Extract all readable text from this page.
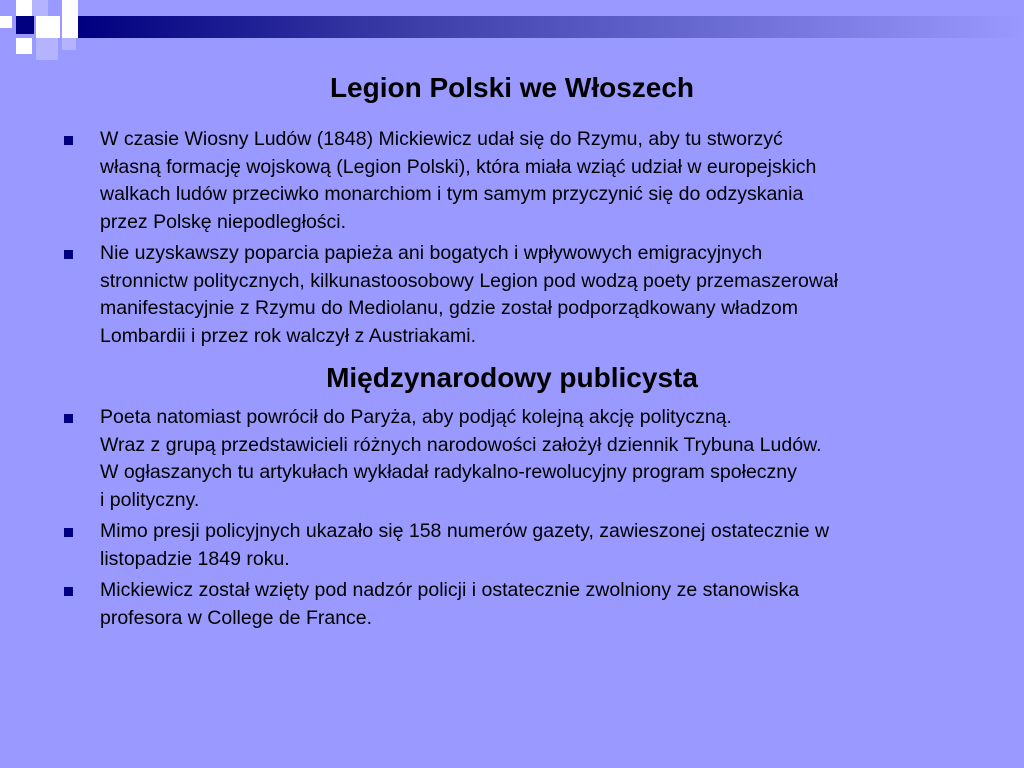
Legion Polski we Włoszech
W czasie Wiosny Ludów (1848) Mickiewicz udał się do Rzymu, aby tu stworzyć
własną formację wojskową (Legion Polski), która miała wziąć udział w europejskich
walkach ludów przeciwko monarchiom i tym samym przyczynić się do odzyskania
przez Polskę niepodległości.
Nie uzyskawszy poparcia papieża ani bogatych i wpływowych emigracyjnych
stronnictw politycznych, kilkunastoosobowy Legion pod wodzą poety przemaszerował
manifestacyjnie z Rzymu do Mediolanu, gdzie został podporządkowany władzom
Lombardii i przez rok walczył z Austriakami.
Międzynarodowy publicysta
Poeta natomiast powrócił do Paryża, aby podjąć kolejną akcję polityczną.
Wraz z grupą przedstawicieli różnych narodowości założył dziennik Trybuna Ludów.
W ogłaszanych tu artykułach wykładał radykalno-rewolucyjny program społeczny
i polityczny.
Mimo presji policyjnych ukazało się 158 numerów gazety, zawieszonej ostatecznie w
listopadzie 1849 roku.
Mickiewicz został wzięty pod nadzór policji i ostatecznie zwolniony ze stanowiska
profesora w College de France.
